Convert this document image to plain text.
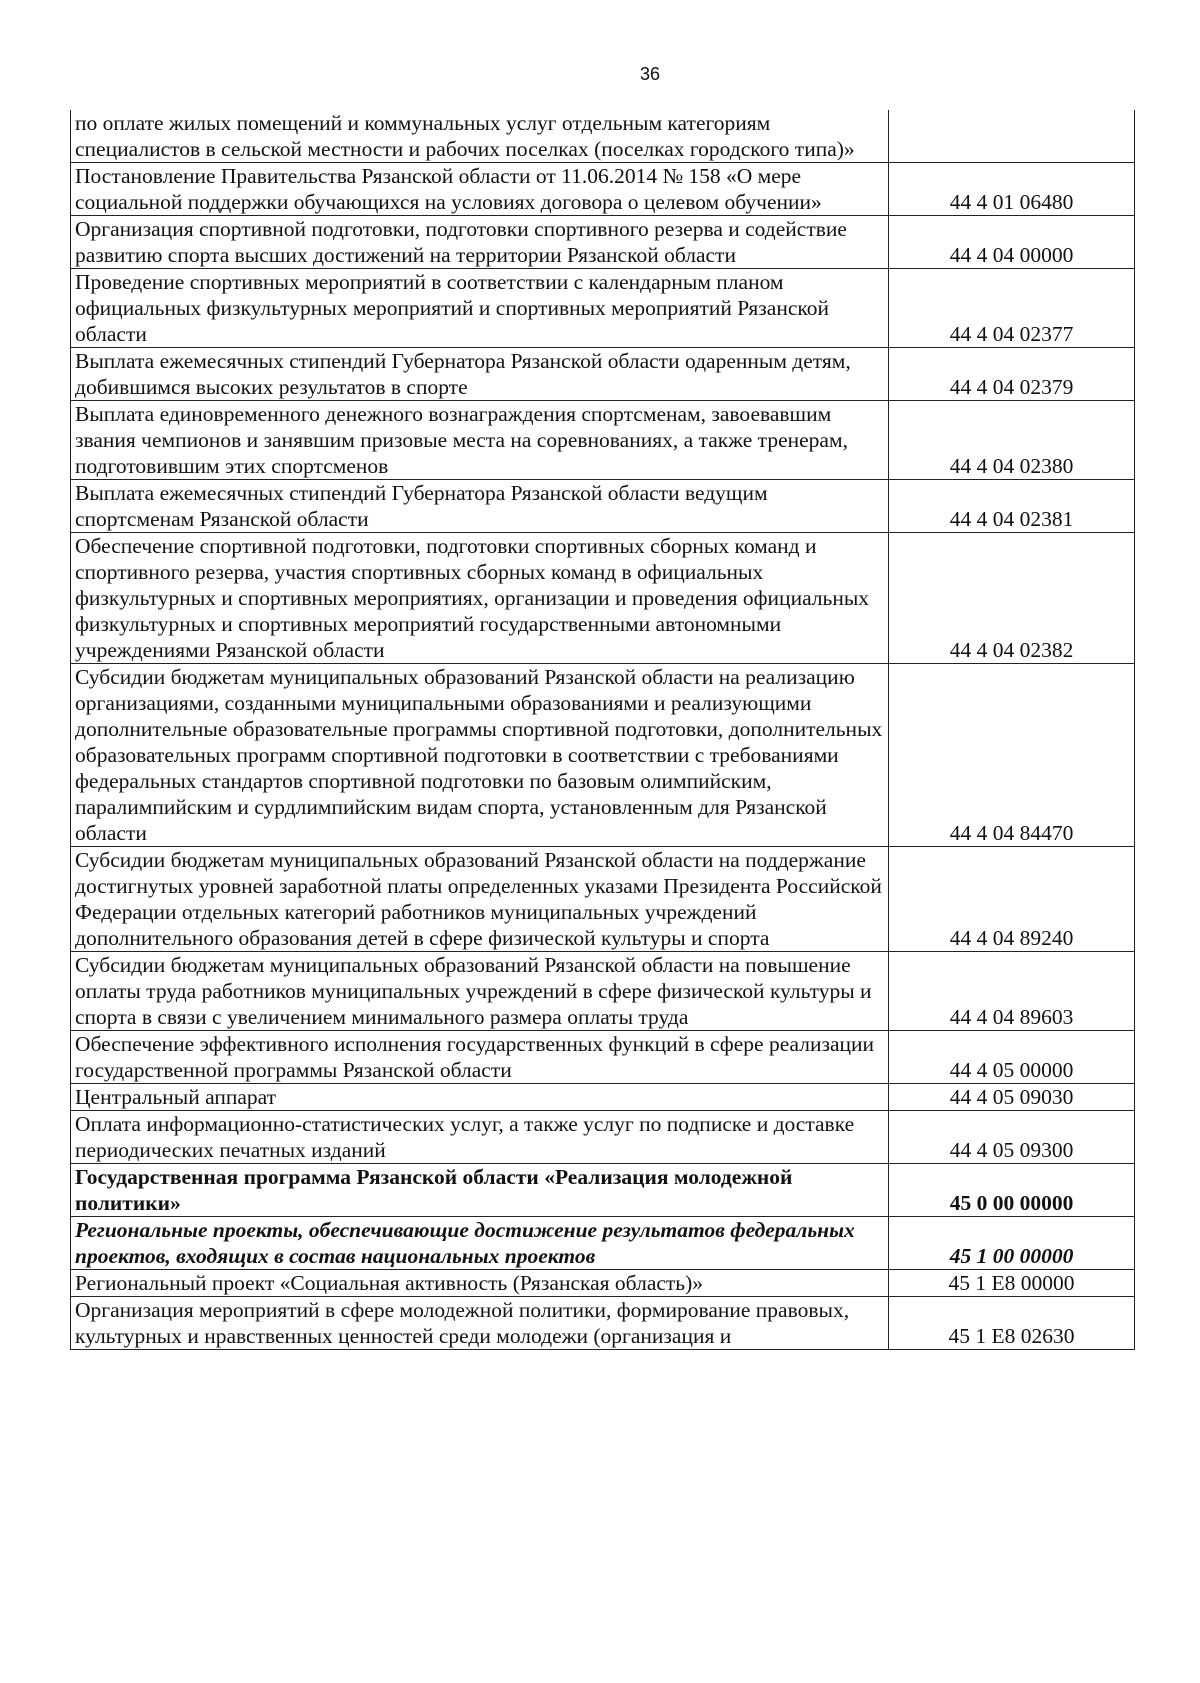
36
по оплате жилых помещений и коммунальных услуг отдельным категориям специалистов в сельской местности и рабочих поселках (поселках городского типа)»	
Постановление Правительства Рязанской области от 11.06.2014 № 158 «О мере социальной поддержки обучающихся на условиях договора о целевом обучении»	44 4 01 06480
Организация спортивной подготовки, подготовки спортивного резерва и содействие развитию спорта высших достижений на территории Рязанской области	44 4 04 00000
Проведение спортивных мероприятий в соответствии с календарным планом официальных физкультурных мероприятий и спортивных мероприятий Рязанской области	44 4 04 02377
Выплата ежемесячных стипендий Губернатора Рязанской области одаренным детям, добившимся высоких результатов в спорте	44 4 04 02379
Выплата единовременного денежного вознаграждения спортсменам, завоевавшим звания чемпионов и занявшим призовые места на соревнованиях, а также тренерам, подготовившим этих спортсменов	44 4 04 02380
Выплата ежемесячных стипендий Губернатора Рязанской области ведущим спортсменам Рязанской области	44 4 04 02381
Обеспечение спортивной подготовки, подготовки спортивных сборных команд и спортивного резерва, участия спортивных сборных команд в официальных физкультурных и спортивных мероприятиях, организации и проведения официальных физкультурных и спортивных мероприятий государственными автономными учреждениями Рязанской области	44 4 04 02382
Субсидии бюджетам муниципальных образований Рязанской области на реализацию организациями, созданными муниципальными образованиями и реализующими дополнительные образовательные программы спортивной подготовки, дополнительных образовательных программ спортивной подготовки в соответствии с требованиями федеральных стандартов спортивной подготовки по базовым олимпийским, паралимпийским и сурдлимпийским видам спорта, установленным для Рязанской области	44 4 04 84470
Субсидии бюджетам муниципальных образований Рязанской области на поддержание достигнутых уровней заработной платы определенных указами Президента Российской Федерации отдельных категорий работников муниципальных учреждений дополнительного образования детей в сфере физической культуры и спорта	44 4 04 89240
Субсидии бюджетам муниципальных образований Рязанской области на повышение оплаты труда работников муниципальных учреждений в сфере физической культуры и спорта в связи с увеличением минимального размера оплаты труда	44 4 04 89603
Обеспечение эффективного исполнения государственных функций в сфере реализации государственной программы Рязанской области	44 4 05 00000
Центральный аппарат	44 4 05 09030
Оплата информационно-статистических услуг, а также услуг по подписке и доставке периодических печатных изданий	44 4 05 09300
Государственная программа Рязанской области «Реализация молодежной политики»	45 0 00 00000
Региональные проекты, обеспечивающие достижение результатов федеральных проектов, входящих в состав национальных проектов	45 1 00 00000
Региональный проект «Социальная активность (Рязанская область)»	45 1 E8 00000
Организация мероприятий в сфере молодежной политики, формирование правовых, культурных и нравственных ценностей среди молодежи (организация и	45 1 E8 02630
